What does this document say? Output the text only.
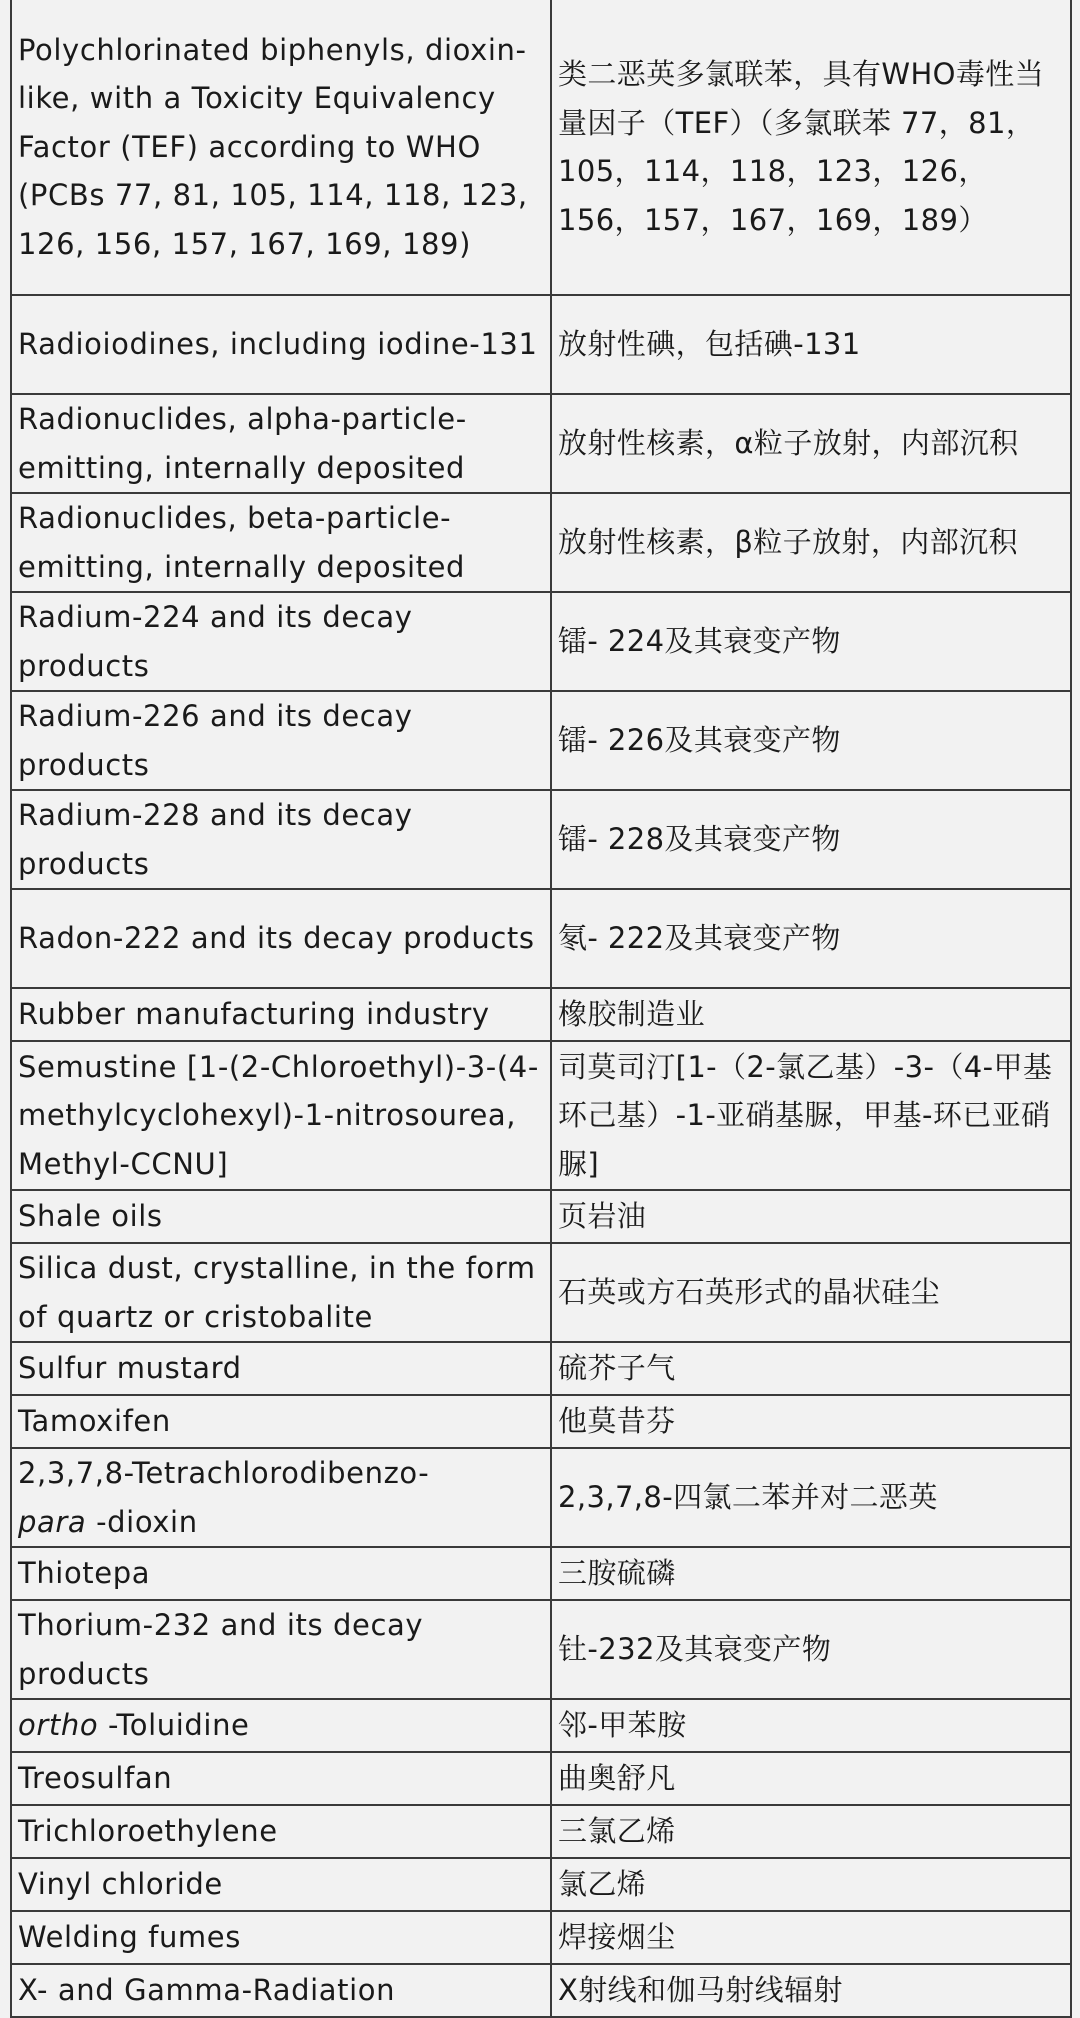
Polychlorinated biphenyls, dioxin-like, with a Toxicity Equivalency Factor (TEF) according to WHO (PCBs 77, 81, 105, 114, 118, 123, 126, 156, 157, 167, 169, 189)	类二恶英多氯联苯，具有WHO毒性当量因子（TEF）（多氯联苯 77，81，105，114，118，123，126，156，157，167，169，189）
Radioiodines, including iodine-131	放射性碘，包括碘-131
Radionuclides, alpha-particle-emitting, internally deposited	放射性核素，α粒子放射，内部沉积
Radionuclides, beta-particle-emitting, internally deposited	放射性核素，β粒子放射，内部沉积
Radium-224 and its decay products	镭- 224及其衰变产物
Radium-226 and its decay products	镭- 226及其衰变产物
Radium-228 and its decay products	镭- 228及其衰变产物
Radon-222 and its decay products	氡- 222及其衰变产物
Rubber manufacturing industry	橡胶制造业
Semustine [1-(2-Chloroethyl)-3-(4-methylcyclohexyl)-1-nitrosourea, Methyl-CCNU]	司莫司汀[1-（2-氯乙基）-3-（4-甲基环己基）-1-亚硝基脲，甲基-环已亚硝脲]
Shale oils	页岩油
Silica dust, crystalline, in the form of quartz or cristobalite	石英或方石英形式的晶状硅尘
Sulfur mustard	硫芥子气
Tamoxifen	他莫昔芬
2,3,7,8-Tetrachlorodibenzo-
para -dioxin	2,3,7,8-四氯二苯并对二恶英
Thiotepa	三胺硫磷
Thorium-232 and its decay products	钍-232及其衰变产物
ortho -Toluidine	邻-甲苯胺
Treosulfan	曲奥舒凡
Trichloroethylene	三氯乙烯
Vinyl chloride	氯乙烯
Welding fumes	焊接烟尘
X- and Gamma-Radiation	X射线和伽马射线辐射
